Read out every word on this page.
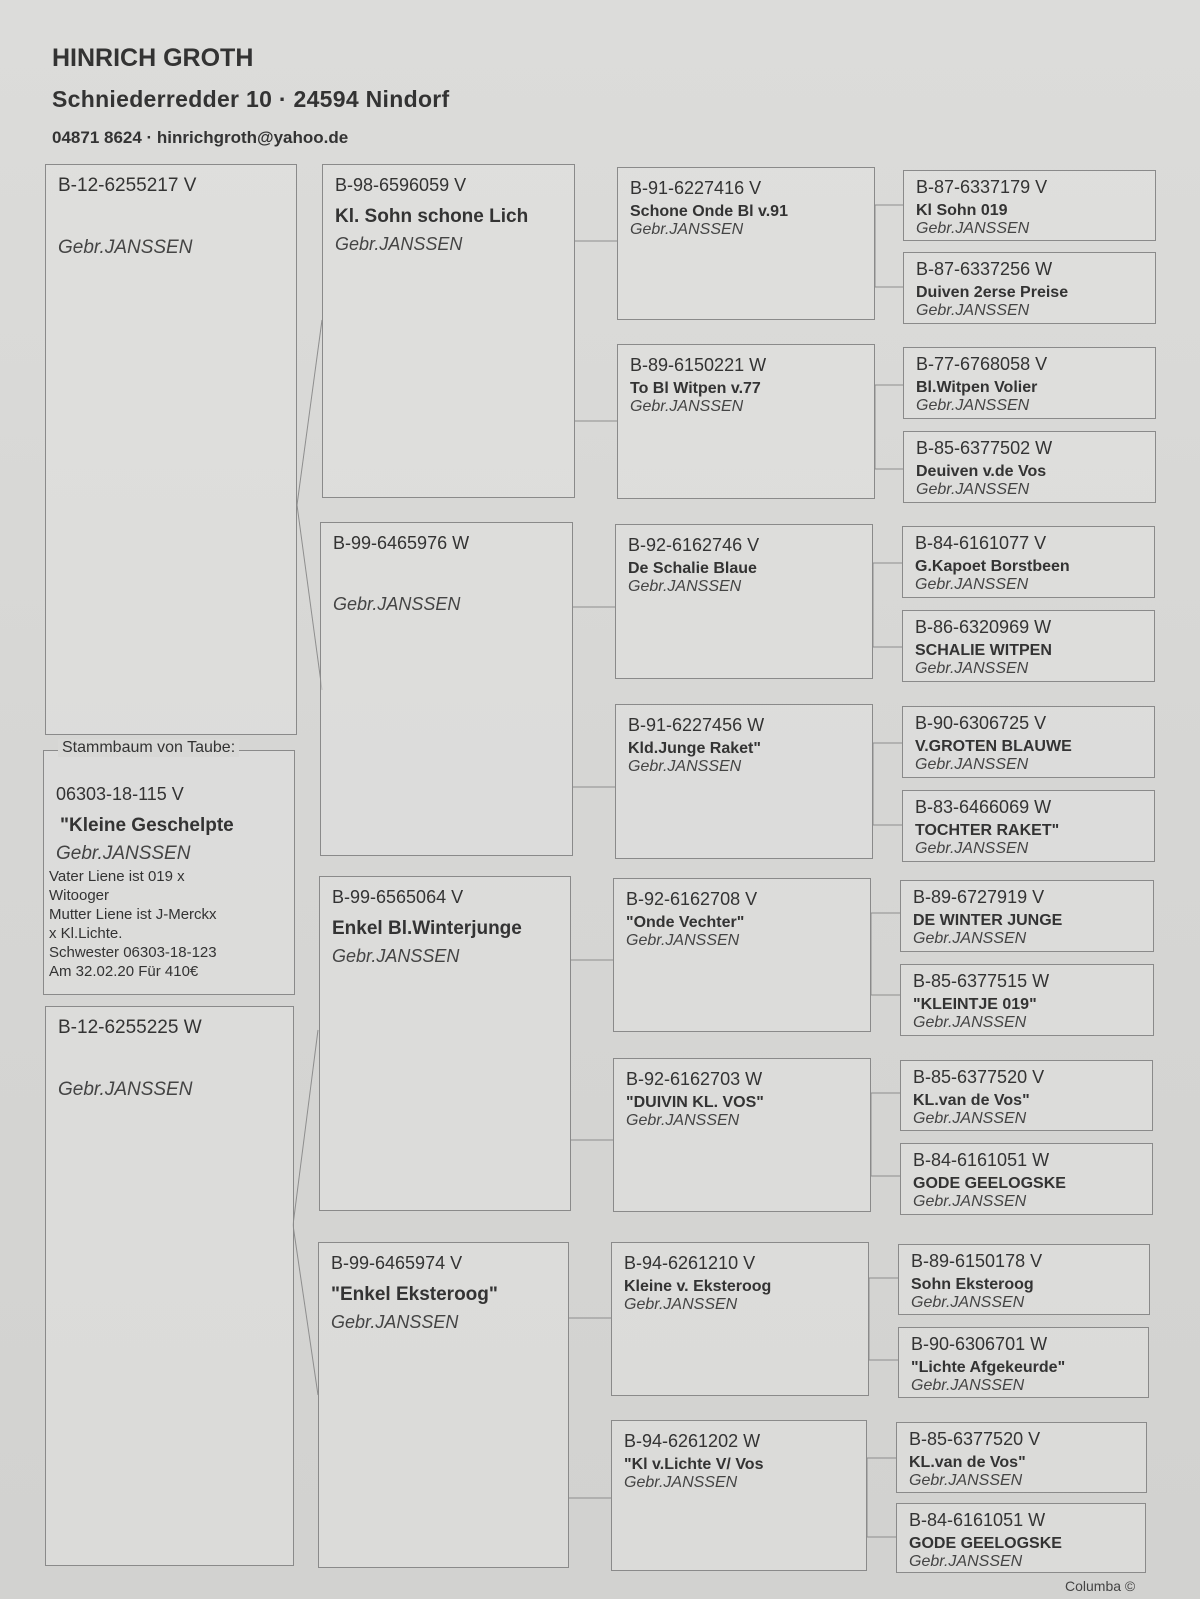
HINRICH GROTH
Schniederredder 10 · 24594 Nindorf
04871 8624 · hinrichgroth@yahoo.de
B-12-6255217 V
Gebr.JANSSEN
Stammbaum von Taube:
06303-18-115 V
"Kleine Geschelpte
Gebr.JANSSEN
Vater Liene ist 019 x
Witooger
Mutter Liene ist J-Merckx
x Kl.Lichte.
Schwester 06303-18-123
Am 32.02.20 Für 410€
B-12-6255225 W
Gebr.JANSSEN
B-98-6596059 V
Kl. Sohn schone Lich
Gebr.JANSSEN
B-99-6465976 W
Gebr.JANSSEN
B-99-6565064 V
Enkel Bl.Winterjunge
Gebr.JANSSEN
B-99-6465974 V
"Enkel Eksteroog"
Gebr.JANSSEN
B-91-6227416 V
Schone Onde Bl v.91
Gebr.JANSSEN
B-89-6150221 W
To Bl Witpen v.77
Gebr.JANSSEN
B-92-6162746 V
De Schalie Blaue
Gebr.JANSSEN
B-91-6227456 W
Kld.Junge Raket"
Gebr.JANSSEN
B-92-6162708 V
"Onde Vechter"
Gebr.JANSSEN
B-92-6162703 W
"DUIVIN KL. VOS"
Gebr.JANSSEN
B-94-6261210 V
Kleine v. Eksteroog
Gebr.JANSSEN
B-94-6261202 W
"Kl v.Lichte V/ Vos
Gebr.JANSSEN
B-87-6337179 V
Kl Sohn 019
Gebr.JANSSEN
B-87-6337256 W
Duiven 2erse Preise
Gebr.JANSSEN
B-77-6768058 V
Bl.Witpen Volier
Gebr.JANSSEN
B-85-6377502 W
Deuiven v.de Vos
Gebr.JANSSEN
B-84-6161077 V
G.Kapoet Borstbeen
Gebr.JANSSEN
B-86-6320969 W
SCHALIE WITPEN
Gebr.JANSSEN
B-90-6306725 V
V.GROTEN BLAUWE
Gebr.JANSSEN
B-83-6466069 W
TOCHTER RAKET"
Gebr.JANSSEN
B-89-6727919 V
DE WINTER JUNGE
Gebr.JANSSEN
B-85-6377515 W
"KLEINTJE 019"
Gebr.JANSSEN
B-85-6377520 V
KL.van de Vos"
Gebr.JANSSEN
B-84-6161051 W
GODE GEELOGSKE
Gebr.JANSSEN
B-89-6150178 V
Sohn Eksteroog
Gebr.JANSSEN
B-90-6306701 W
"Lichte Afgekeurde"
Gebr.JANSSEN
B-85-6377520 V
KL.van de Vos"
Gebr.JANSSEN
B-84-6161051 W
GODE GEELOGSKE
Gebr.JANSSEN
Columba ©
